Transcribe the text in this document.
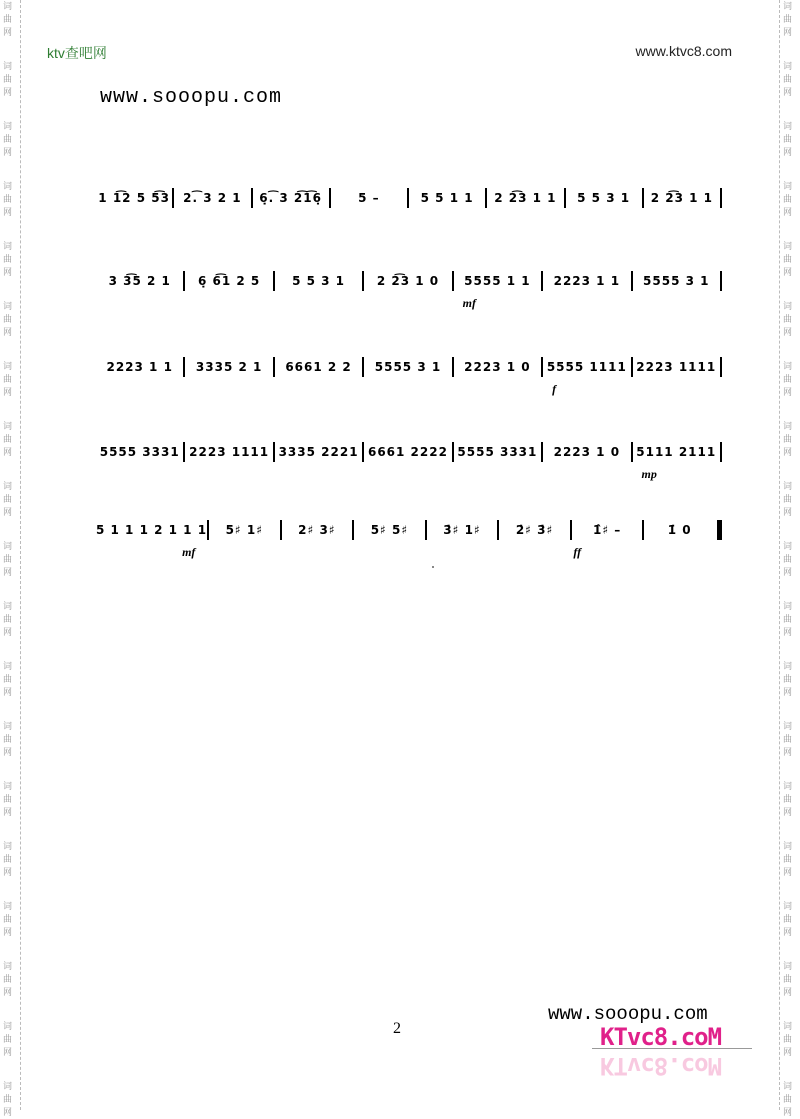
词
曲
网
词
曲
网
词
曲
网
词
曲
网
词
曲
网
词
曲
网
词
曲
网
词
曲
网
词
曲
网
词
曲
网
词
曲
网
词
曲
网
词
曲
网
词
曲
网
词
曲
网
词
曲
网
词
曲
网
词
曲
网
词
曲
网
词
曲
网
词
曲
网
词
曲
网
词
曲
网
词
曲
网
词
曲
网
词
曲
网
词
曲
网
词
曲
网
词
曲
网
词
曲
网
词
曲
网
词
曲
网
词
曲
网
词
曲
网
词
曲
网
词
曲
网
词
曲
网
词
曲
网
ktv查吧网	www.ktvc8.com
www.sooopu.com
1 1͡2 5 5͡3	2.͡ 3 2 1	6̣.͡ 3 2͡1͡6̣	5 –	5 5 1 1	2 2͡3 1 1	5 5 3 1	2 2͡3 1 1
3 3͡5 2 1	6̣ 6͡1 2 5	5 5 3 1	2 2͡3 1 0	5555 1 1	2223 1 1	5555 3 1
mf
2223 1 1	3335 2 1	6661 2 2	5555 3 1	2223 1 0	5555 1111 2223 1111
f
5555 3331 2223 1111 3335 2221 6661 2222 5555 3331	2223 1 0	5111 2111
mp
5 1 1 1 2 1 1 1	5♯ 1♯	2♯ 3♯	5♯ 5♯	3̇♯ 1♯	2̇♯ 3̇♯	1̂♯ –	1̇ 0
mf	ff
2
www.sooopu.com
KTvc8.coM
KTvc8.coM
